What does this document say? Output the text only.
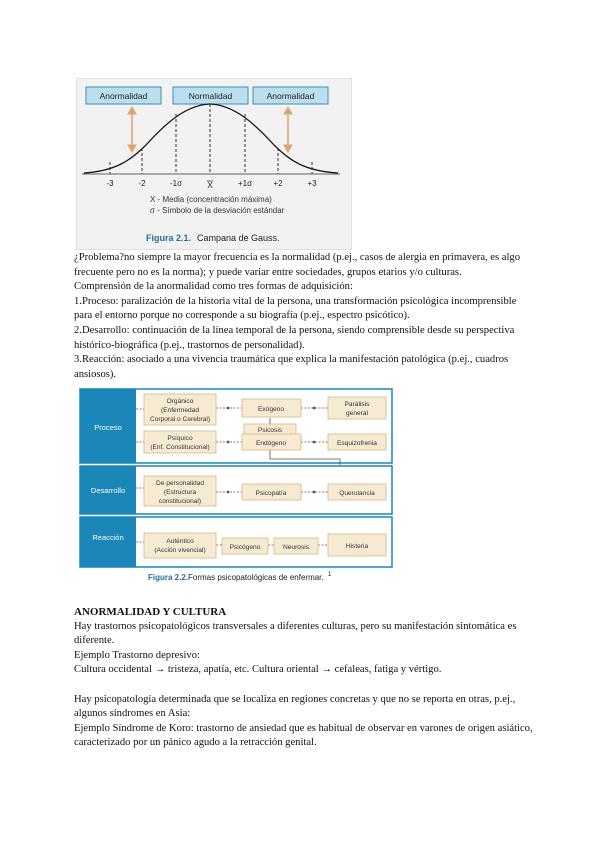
Anormalidad	Normalidad	Anormalidad
-3	-2	-1σ	X	+1σ	+2	+3
X - Media (concentración máxima)
σ - Símbolo de la desviación estándar
Figura 2.1. Campana de Gauss.

¿Problema?no siempre la mayor frecuencia es la normalidad (p.ej., casos de alergia en primavera, es algo frecuente pero no es la norma); y puede variar entre sociedades, grupos etarios y/o culturas.

Comprensión de la anormalidad como tres formas de adquisición:

1.Proceso: paralización de la historia vital de la persona, una transformación psicológica incomprensible para el entorno porque no corresponde a su biografía (p.ej., espectro psicótico).

2.Desarrollo: continuación de la línea temporal de la persona, siendo comprensible desde su perspectiva histórico-biográfica (p.ej., trastornos de personalidad).

3.Reacción: asociado a una vivencia traumática que explica la manifestación patológica (p.ej., cuadros ansiosos).

Proceso
Desarrollo
Reacción
Orgánico
(Enfermedad
Corporal o Cerebral)
Psíquico
(Enf. Constitucional)
Exógeno
Psicosis
Endógeno
Parálisis
general
Esquizofrenia
De personalidad
(Estructura
constitucional)
Psicopatía	Querulancia
Auténtico
(Acción vivencial)	Psicógeno	Neurosis	Histeria
Figura 2.2. Formas psicopatológicas de enfermar. 1

ANORMALIDAD Y CULTURA

Hay trastornos psicopatológicos transversales a diferentes culturas, pero su manifestación sintomática es diferente.

Ejemplo Trastorno depresivo:

Cultura occidental → tristeza, apatía, etc. Cultura oriental → cefaleas, fatiga y vértigo.

Hay psicopatología determinada que se localiza en regiones concretas y que no se reporta en otras, p.ej., algunos síndromes en Asia:

Ejemplo Síndrome de Koro: trastorno de ansiedad que es habitual de observar en varones de origen asiático, caracterizado por un pánico agudo a la retracción genital.
